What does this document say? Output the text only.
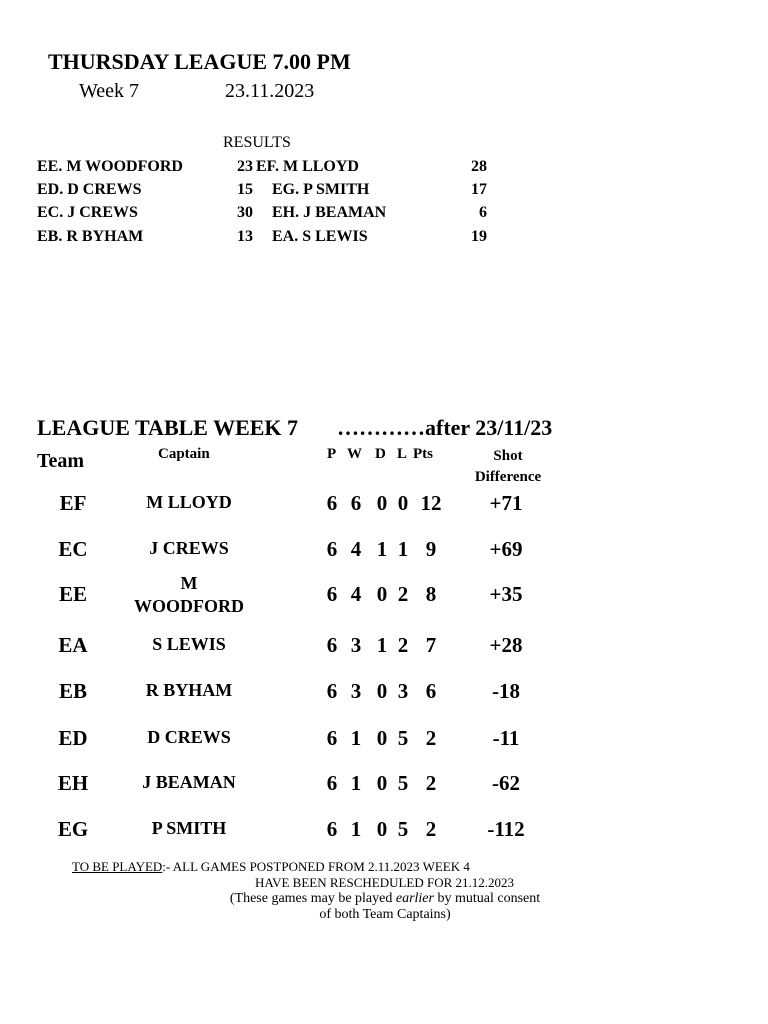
THURSDAY LEAGUE 7.00 PM
Week 7	23.11.2023
RESULTS
EE. M WOODFORD	23 EF. M LLOYD	28
ED. D CREWS	15 EG. P SMITH	17
EC. J CREWS	30 EH. J BEAMAN	6
EB. R BYHAM	13 EA. S LEWIS	19
LEAGUE TABLE WEEK 7 …………after 23/11/23
Team	Captain	P W D L Pts	Shot
Difference
EF	M LLOYD	6 6 0 0 12	+71
EC	J CREWS	6 4 1 1 9	+69
EE	M WOODFORD	6 4 0 2 8	+35
EA	S LEWIS	6 3 1 2 7	+28
EB	R BYHAM	6 3 0 3 6	-18
ED	D CREWS	6 1 0 5 2	-11
EH	J BEAMAN	6 1 0 5 2	-62
EG	P SMITH	6 1 0 5 2	-112
TO BE PLAYED:- ALL GAMES POSTPONED FROM 2.11.2023 WEEK 4
HAVE BEEN RESCHEDULED FOR 21.12.2023
(These games may be played earlier by mutual consent
of both Team Captains)
